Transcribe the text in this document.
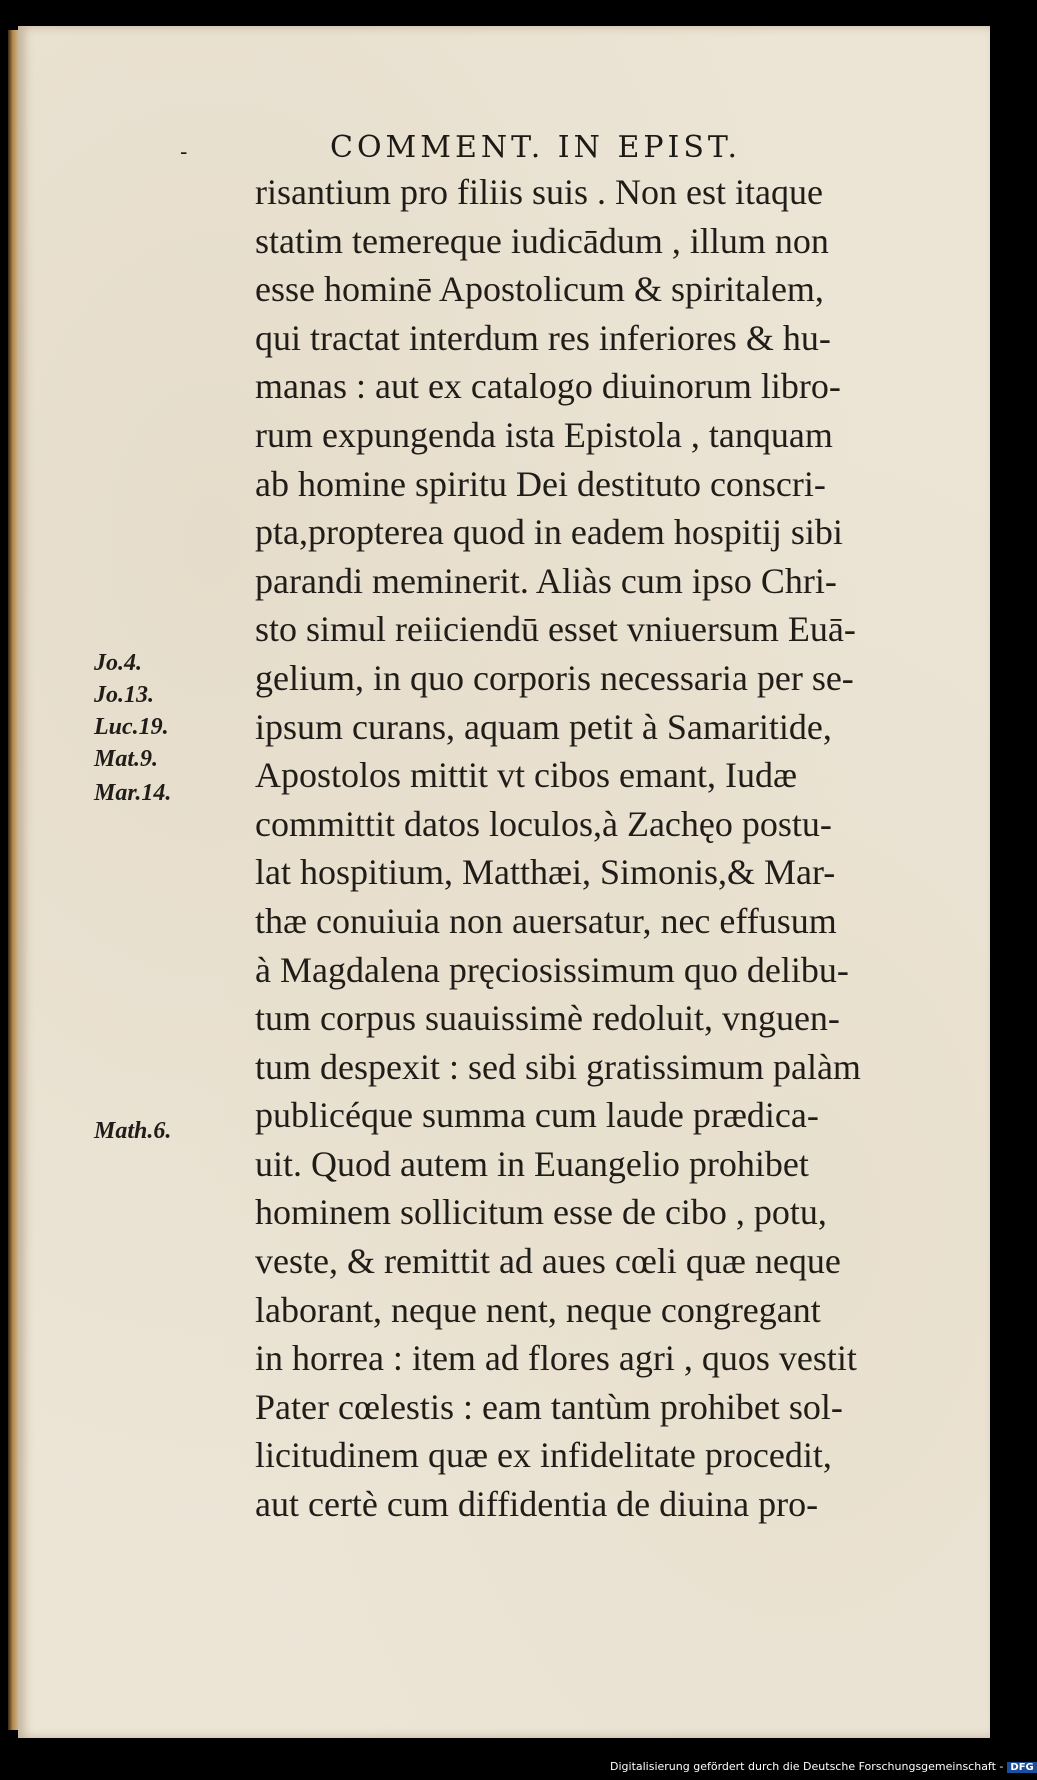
-	COMMENT. IN EPIST.
risantium pro filiis suis . Non est itaque
statim temereque iudicādum , illum non
esse hominē Apostolicum & spiritalem,
qui tractat interdum res inferiores & hu-
manas : aut ex catalogo diuinorum libro-
rum expungenda ista Epistola , tanquam
ab homine spiritu Dei destituto conscri-
pta,propterea quod in eadem hospitij sibi
parandi meminerit. Aliàs cum ipso Chri-
sto simul reiiciendū esset vniuersum Euā-
gelium, in quo corporis necessaria per se-
ipsum curans, aquam petit à Samaritide,
Apostolos mittit vt cibos emant, Iudæ
committit datos loculos,à Zachęo postu-
lat hospitium, Matthæi, Simonis,& Mar-
thæ conuiuia non auersatur, nec effusum
à Magdalena pręciosissimum quo delibu-
tum corpus suauissimè redoluit, vnguen-
tum despexit : sed sibi gratissimum palàm
publicéque summa cum laude prædica-
uit. Quod autem in Euangelio prohibet
hominem sollicitum esse de cibo , potu,
veste, & remittit ad aues cœli quæ neque
laborant, neque nent, neque congregant
in horrea : item ad flores agri , quos vestit
Pater cœlestis : eam tantùm prohibet sol-
licitudinem quæ ex infidelitate procedit,
aut certè cum diffidentia de diuina pro-
Jo.4.
Jo.13.
Luc.19.
Mat.9.
Mar.14.
Math.6.
Digitalisierung gefördert durch die Deutsche Forschungsgemeinschaft - DFG
